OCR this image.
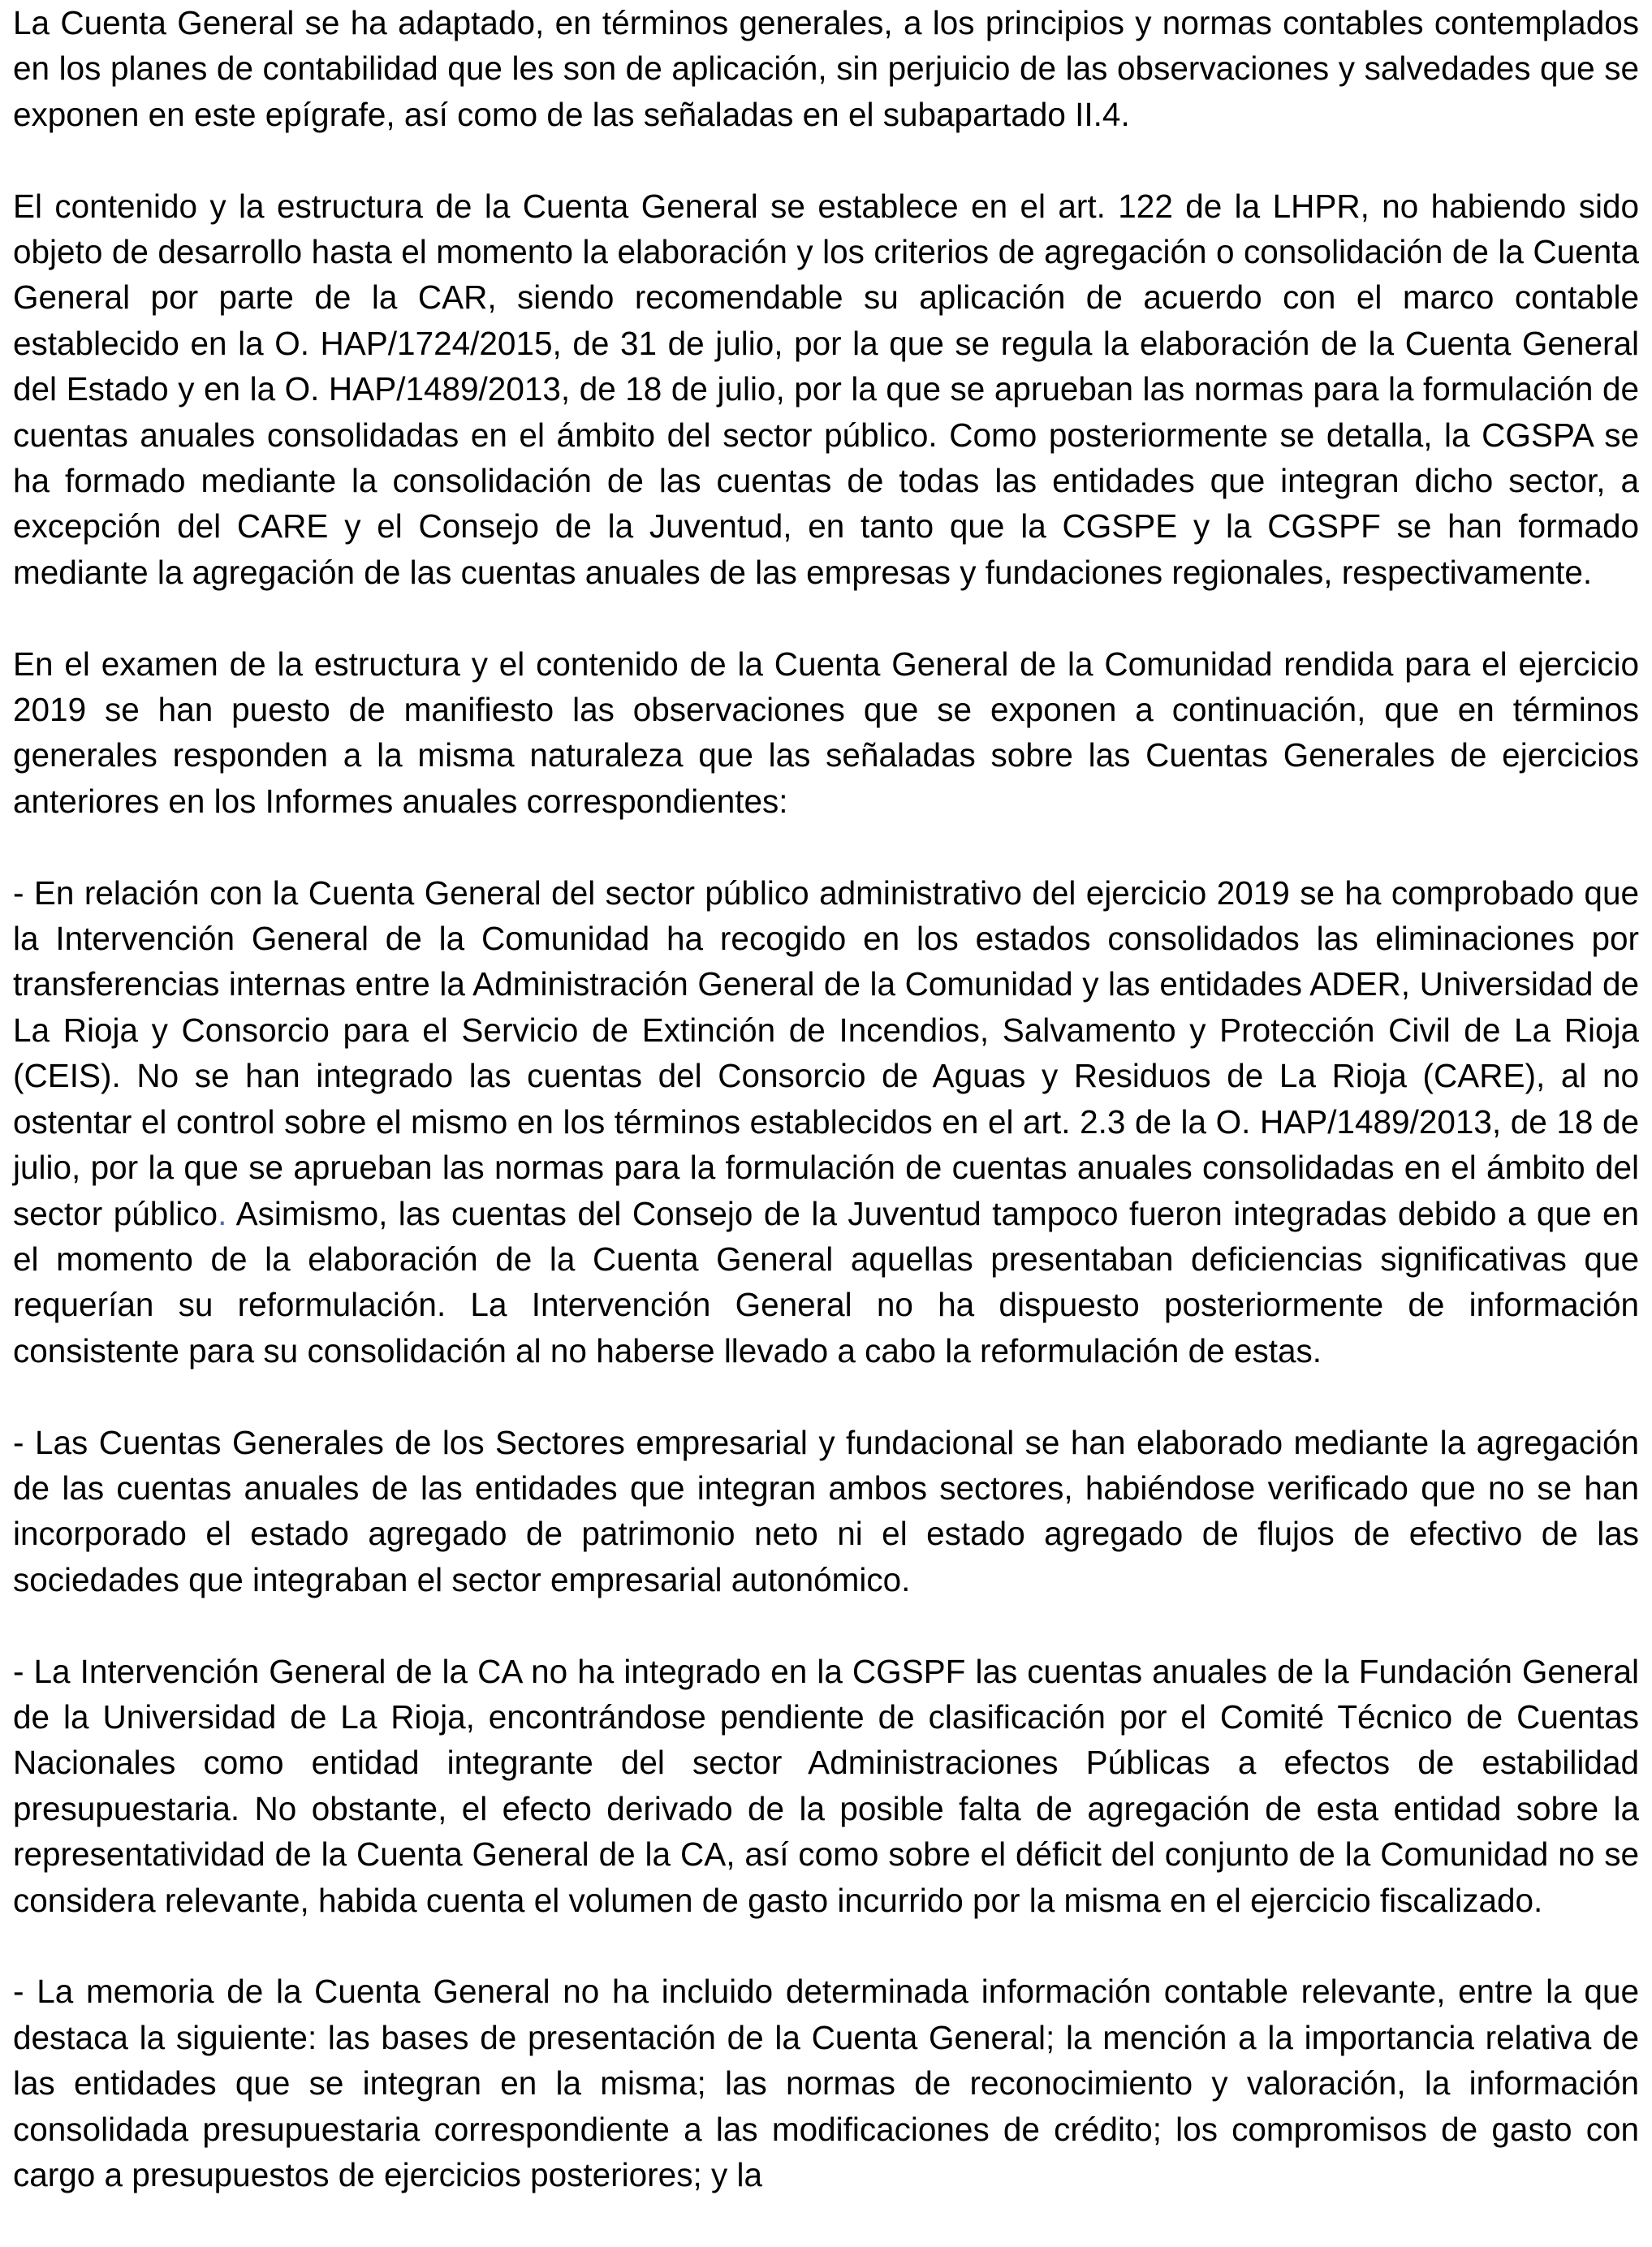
La Cuenta General se ha adaptado, en términos generales, a los principios y normas contables contemplados en los planes de contabilidad que les son de aplicación, sin perjuicio de las observaciones y salvedades que se exponen en este epígrafe, así como de las señaladas en el subapartado II.4.

El contenido y la estructura de la Cuenta General se establece en el art. 122 de la LHPR, no habiendo sido objeto de desarrollo hasta el momento la elaboración y los criterios de agregación o consolidación de la Cuenta General por parte de la CAR, siendo recomendable su aplicación de acuerdo con el marco contable establecido en la O. HAP/1724/2015, de 31 de julio, por la que se regula la elaboración de la Cuenta General del Estado y en la O. HAP/1489/2013, de 18 de julio, por la que se aprueban las normas para la formulación de cuentas anuales consolidadas en el ámbito del sector público. Como posteriormente se detalla, la CGSPA se ha formado mediante la consolidación de las cuentas de todas las entidades que integran dicho sector, a excepción del CARE y el Consejo de la Juventud, en tanto que la CGSPE y la CGSPF se han formado mediante la agregación de las cuentas anuales de las empresas y fundaciones regionales, respectivamente.

En el examen de la estructura y el contenido de la Cuenta General de la Comunidad rendida para el ejercicio 2019 se han puesto de manifiesto las observaciones que se exponen a continuación, que en términos generales responden a la misma naturaleza que las señaladas sobre las Cuentas Generales de ejercicios anteriores en los Informes anuales correspondientes:

- En relación con la Cuenta General del sector público administrativo del ejercicio 2019 se ha comprobado que la Intervención General de la Comunidad ha recogido en los estados consolidados las eliminaciones por transferencias internas entre la Administración General de la Comunidad y las entidades ADER, Universidad de La Rioja y Consorcio para el Servicio de Extinción de Incendios, Salvamento y Protección Civil de La Rioja (CEIS). No se han integrado las cuentas del Consorcio de Aguas y Residuos de La Rioja (CARE), al no ostentar el control sobre el mismo en los términos establecidos en el art. 2.3 de la O. HAP/1489/2013, de 18 de julio, por la que se aprueban las normas para la formulación de cuentas anuales consolidadas en el ámbito del sector público. Asimismo, las cuentas del Consejo de la Juventud tampoco fueron integradas debido a que en el momento de la elaboración de la Cuenta General aquellas presentaban deficiencias significativas que requerían su reformulación. La Intervención General no ha dispuesto posteriormente de información consistente para su consolidación al no haberse llevado a cabo la reformulación de estas.

- Las Cuentas Generales de los Sectores empresarial y fundacional se han elaborado mediante la agregación de las cuentas anuales de las entidades que integran ambos sectores, habiéndose verificado que no se han incorporado el estado agregado de patrimonio neto ni el estado agregado de flujos de efectivo de las sociedades que integraban el sector empresarial autonómico.

- La Intervención General de la CA no ha integrado en la CGSPF las cuentas anuales de la Fundación General de la Universidad de La Rioja, encontrándose pendiente de clasificación por el Comité Técnico de Cuentas Nacionales como entidad integrante del sector Administraciones Públicas a efectos de estabilidad presupuestaria. No obstante, el efecto derivado de la posible falta de agregación de esta entidad sobre la representatividad de la Cuenta General de la CA, así como sobre el déficit del conjunto de la Comunidad no se considera relevante, habida cuenta el volumen de gasto incurrido por la misma en el ejercicio fiscalizado.

- La memoria de la Cuenta General no ha incluido determinada información contable relevante, entre la que destaca la siguiente: las bases de presentación de la Cuenta General; la mención a la importancia relativa de las entidades que se integran en la misma; las normas de reconocimiento y valoración, la información consolidada presupuestaria correspondiente a las modificaciones de crédito; los compromisos de gasto con cargo a presupuestos de ejercicios posteriores; y la
